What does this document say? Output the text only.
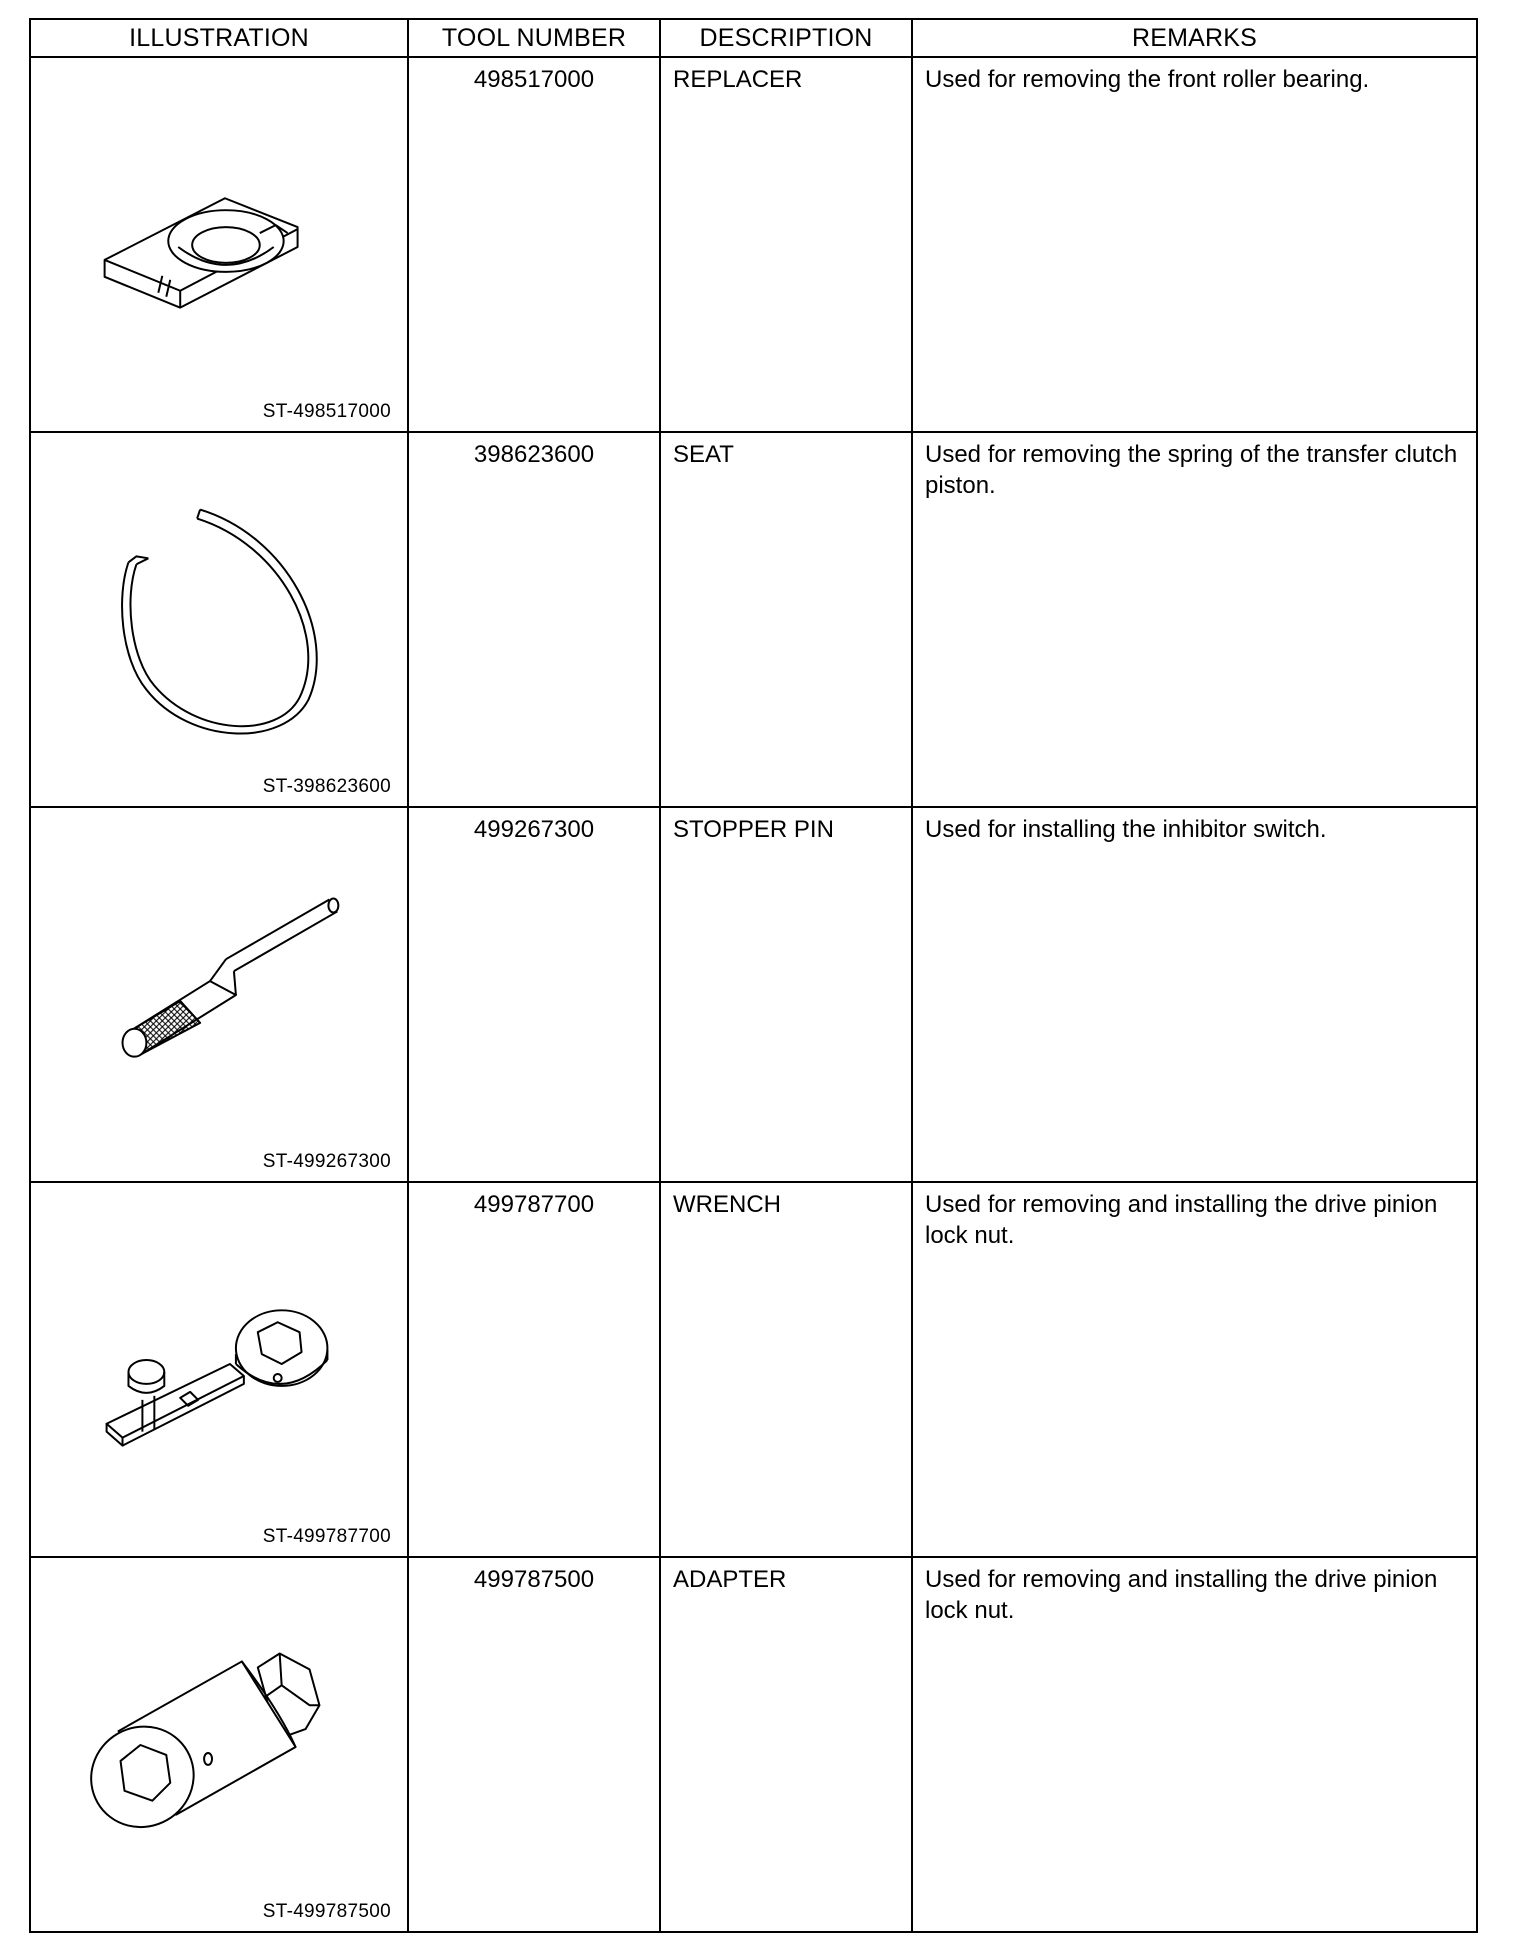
ILLUSTRATION	TOOL NUMBER	DESCRIPTION	REMARKS

ST-498517000	498517000	REPLACER	Used for removing the front roller bearing.

ST-398623600	398623600	SEAT	Used for removing the spring of the transfer clutch piston.

ST-499267300	499267300	STOPPER PIN	Used for installing the inhibitor switch.

ST-499787700	499787700	WRENCH	Used for removing and installing the drive pinion lock nut.

ST-499787500	499787500	ADAPTER	Used for removing and installing the drive pinion lock nut.
